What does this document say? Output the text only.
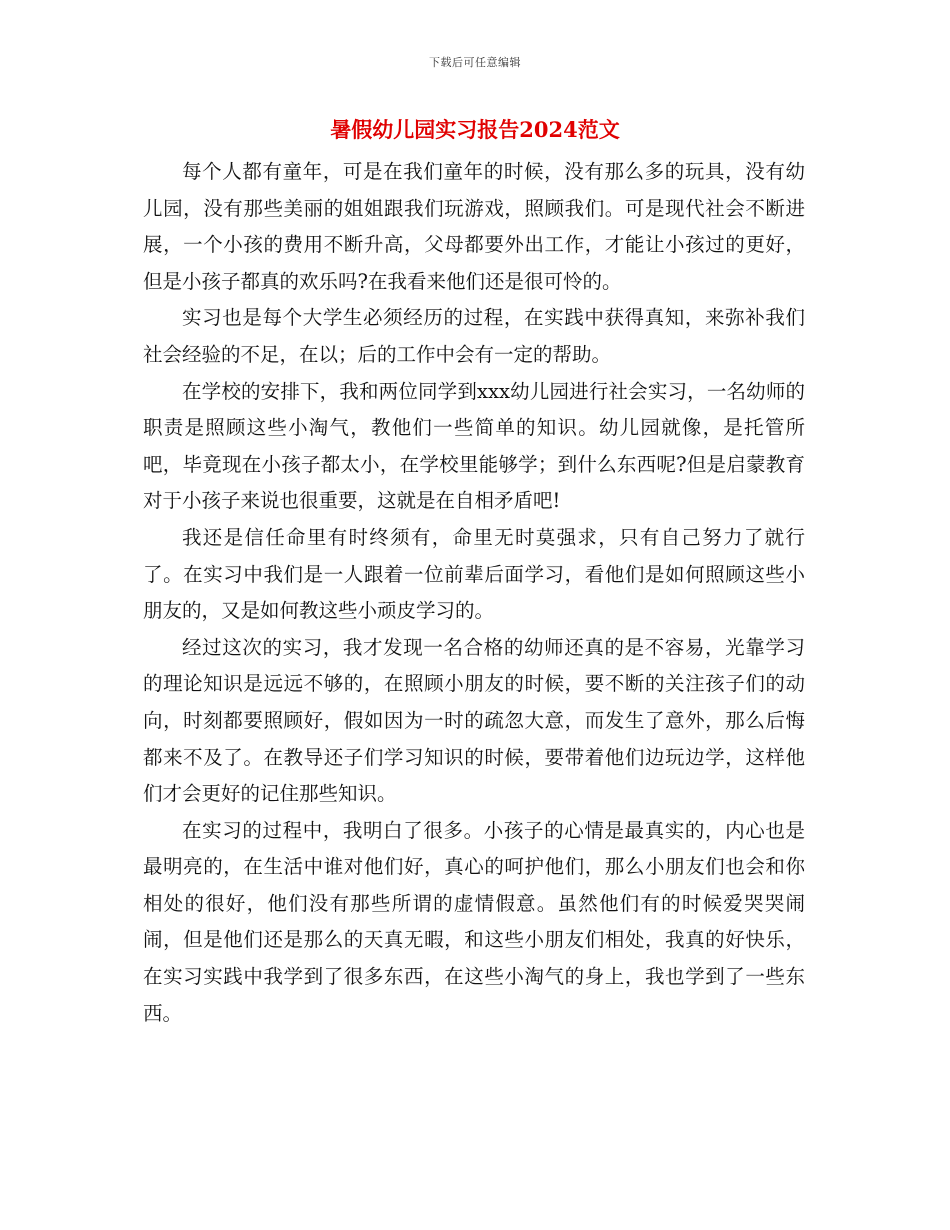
下载后可任意编辑
暑假幼儿园实习报告2024范文

每个人都有童年，可是在我们童年的时候，没有那么多的玩具，没有幼儿园，没有那些美丽的姐姐跟我们玩游戏，照顾我们。可是现代社会不断进展，一个小孩的费用不断升高，父母都要外出工作，才能让小孩过的更好，但是小孩子都真的欢乐吗?在我看来他们还是很可怜的。

实习也是每个大学生必须经历的过程，在实践中获得真知，来弥补我们社会经验的不足，在以；后的工作中会有一定的帮助。

在学校的安排下，我和两位同学到xxx幼儿园进行社会实习，一名幼师的职责是照顾这些小淘气，教他们一些简单的知识。幼儿园就像，是托管所吧，毕竟现在小孩子都太小，在学校里能够学；到什么东西呢?但是启蒙教育对于小孩子来说也很重要，这就是在自相矛盾吧!

我还是信任命里有时终须有，命里无时莫强求，只有自己努力了就行了。在实习中我们是一人跟着一位前辈后面学习，看他们是如何照顾这些小朋友的，又是如何教这些小顽皮学习的。

经过这次的实习，我才发现一名合格的幼师还真的是不容易，光靠学习的理论知识是远远不够的，在照顾小朋友的时候，要不断的关注孩子们的动向，时刻都要照顾好，假如因为一时的疏忽大意，而发生了意外，那么后悔都来不及了。在教导还子们学习知识的时候，要带着他们边玩边学，这样他们才会更好的记住那些知识。

在实习的过程中，我明白了很多。小孩子的心情是最真实的，内心也是最明亮的，在生活中谁对他们好，真心的呵护他们，那么小朋友们也会和你相处的很好，他们没有那些所谓的虚情假意。虽然他们有的时候爱哭哭闹闹，但是他们还是那么的天真无暇，和这些小朋友们相处，我真的好快乐，在实习实践中我学到了很多东西，在这些小淘气的身上，我也学到了一些东西。
